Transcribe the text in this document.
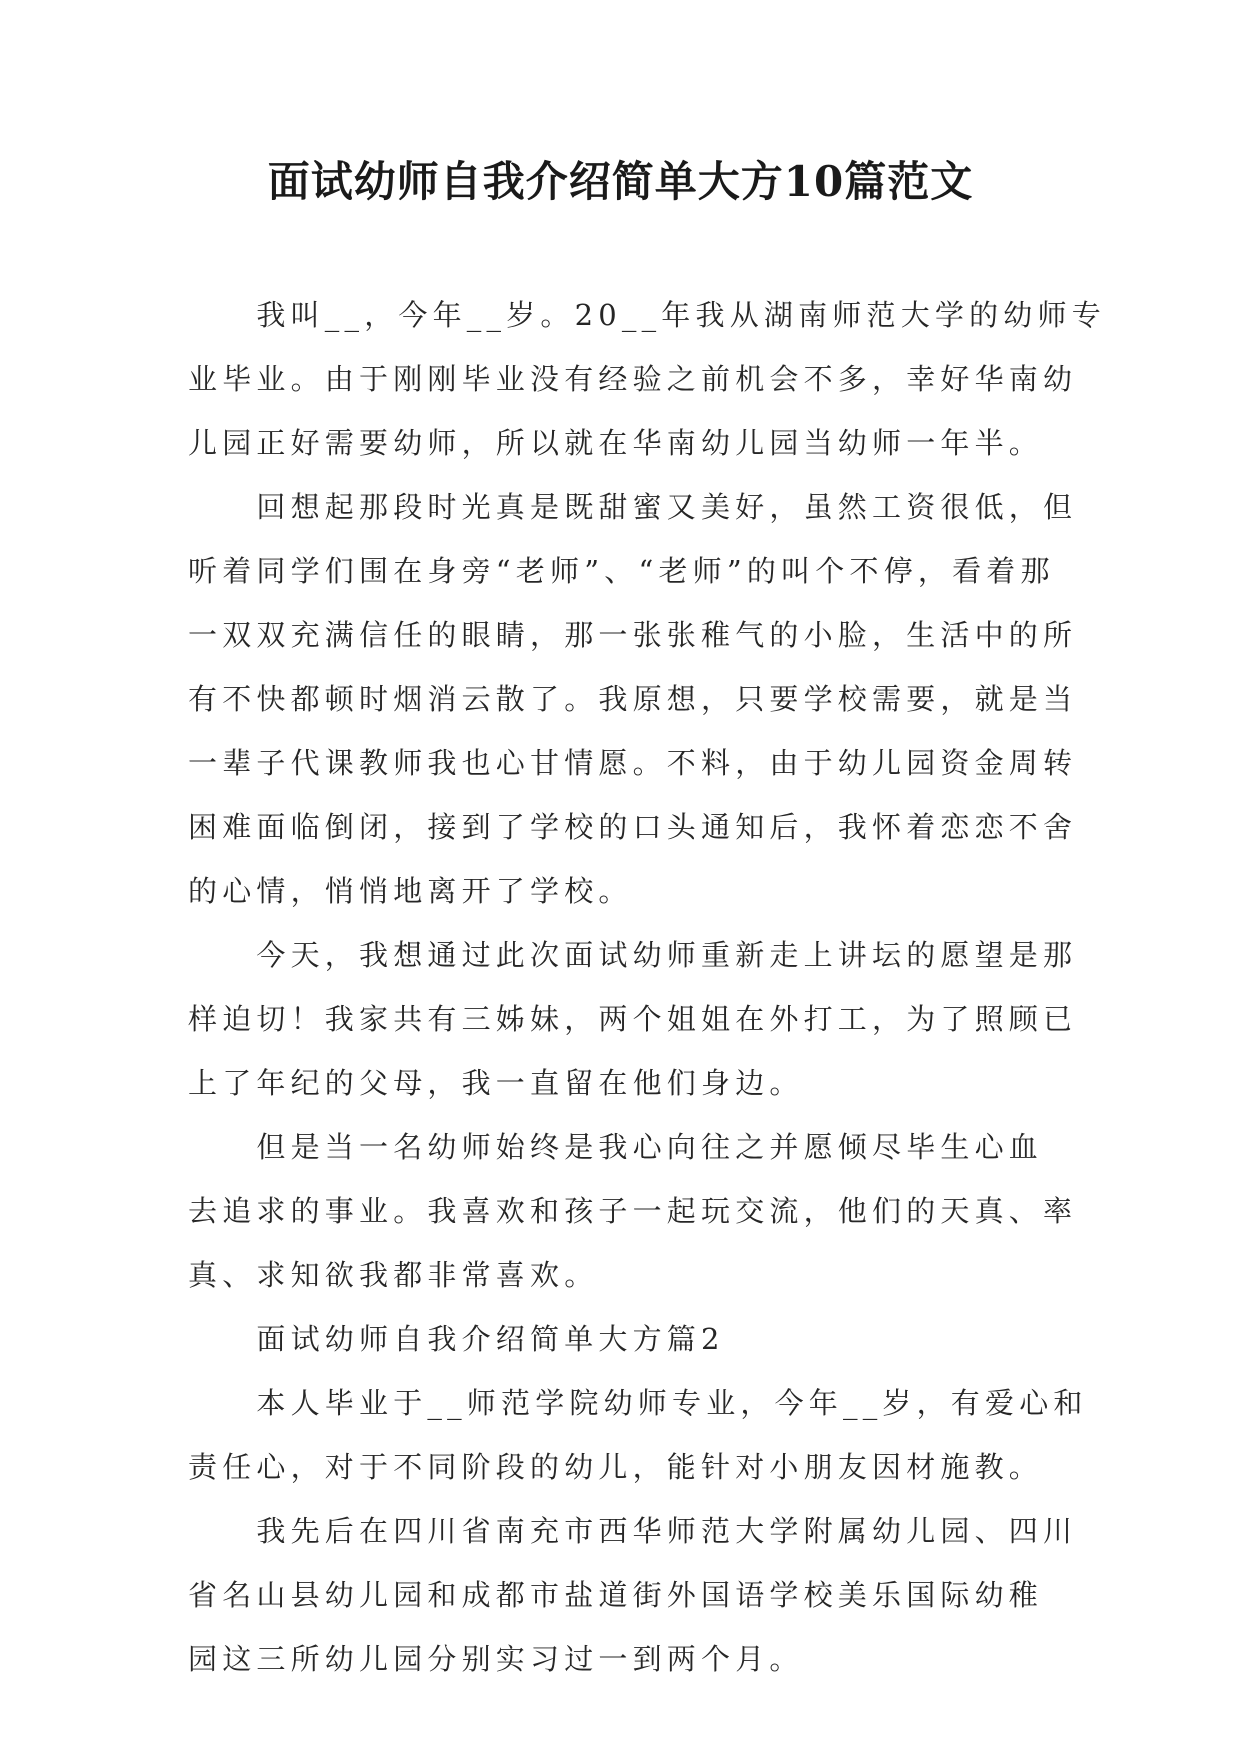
面试幼师自我介绍简单大方10篇范文

　　我叫__，今年__岁。20__年我从湖南师范大学的幼师专
业毕业。由于刚刚毕业没有经验之前机会不多，幸好华南幼
儿园正好需要幼师，所以就在华南幼儿园当幼师一年半。

　　回想起那段时光真是既甜蜜又美好，虽然工资很低，但
听着同学们围在身旁“老师”、“老师”的叫个不停，看着那
一双双充满信任的眼睛，那一张张稚气的小脸，生活中的所
有不快都顿时烟消云散了。我原想，只要学校需要，就是当
一辈子代课教师我也心甘情愿。不料，由于幼儿园资金周转
困难面临倒闭，接到了学校的口头通知后，我怀着恋恋不舍
的心情，悄悄地离开了学校。

　　今天，我想通过此次面试幼师重新走上讲坛的愿望是那
样迫切！我家共有三姊妹，两个姐姐在外打工，为了照顾已
上了年纪的父母，我一直留在他们身边。

　　但是当一名幼师始终是我心向往之并愿倾尽毕生心血
去追求的事业。我喜欢和孩子一起玩交流，他们的天真、率
真、求知欲我都非常喜欢。

　　面试幼师自我介绍简单大方篇2

　　本人毕业于__师范学院幼师专业，今年__岁，有爱心和
责任心，对于不同阶段的幼儿，能针对小朋友因材施教。

　　我先后在四川省南充市西华师范大学附属幼儿园、四川
省名山县幼儿园和成都市盐道街外国语学校美乐国际幼稚
园这三所幼儿园分别实习过一到两个月。
